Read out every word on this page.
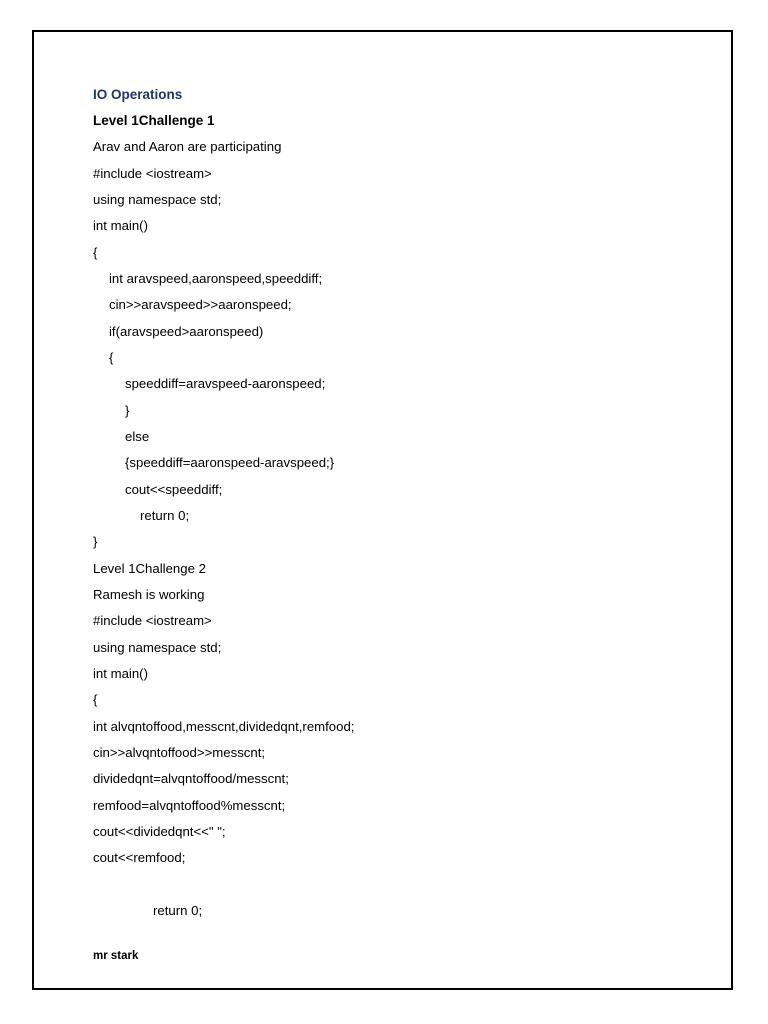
IO Operations
Level 1Challenge 1
Arav and Aaron are participating
#include <iostream>
using namespace std;
int main()
{
int aravspeed,aaronspeed,speeddiff;
cin>>aravspeed>>aaronspeed;
if(aravspeed>aaronspeed)
{
speeddiff=aravspeed-aaronspeed;
}
else
{speeddiff=aaronspeed-aravspeed;}
cout<<speeddiff;
return 0;
}
Level 1Challenge 2
Ramesh is working
#include <iostream>
using namespace std;
int main()
{
int alvqntoffood,messcnt,dividedqnt,remfood;
cin>>alvqntoffood>>messcnt;
dividedqnt=alvqntoffood/messcnt;
remfood=alvqntoffood%messcnt;
cout<<dividedqnt<<" ";
cout<<remfood;
return 0;
mr stark
